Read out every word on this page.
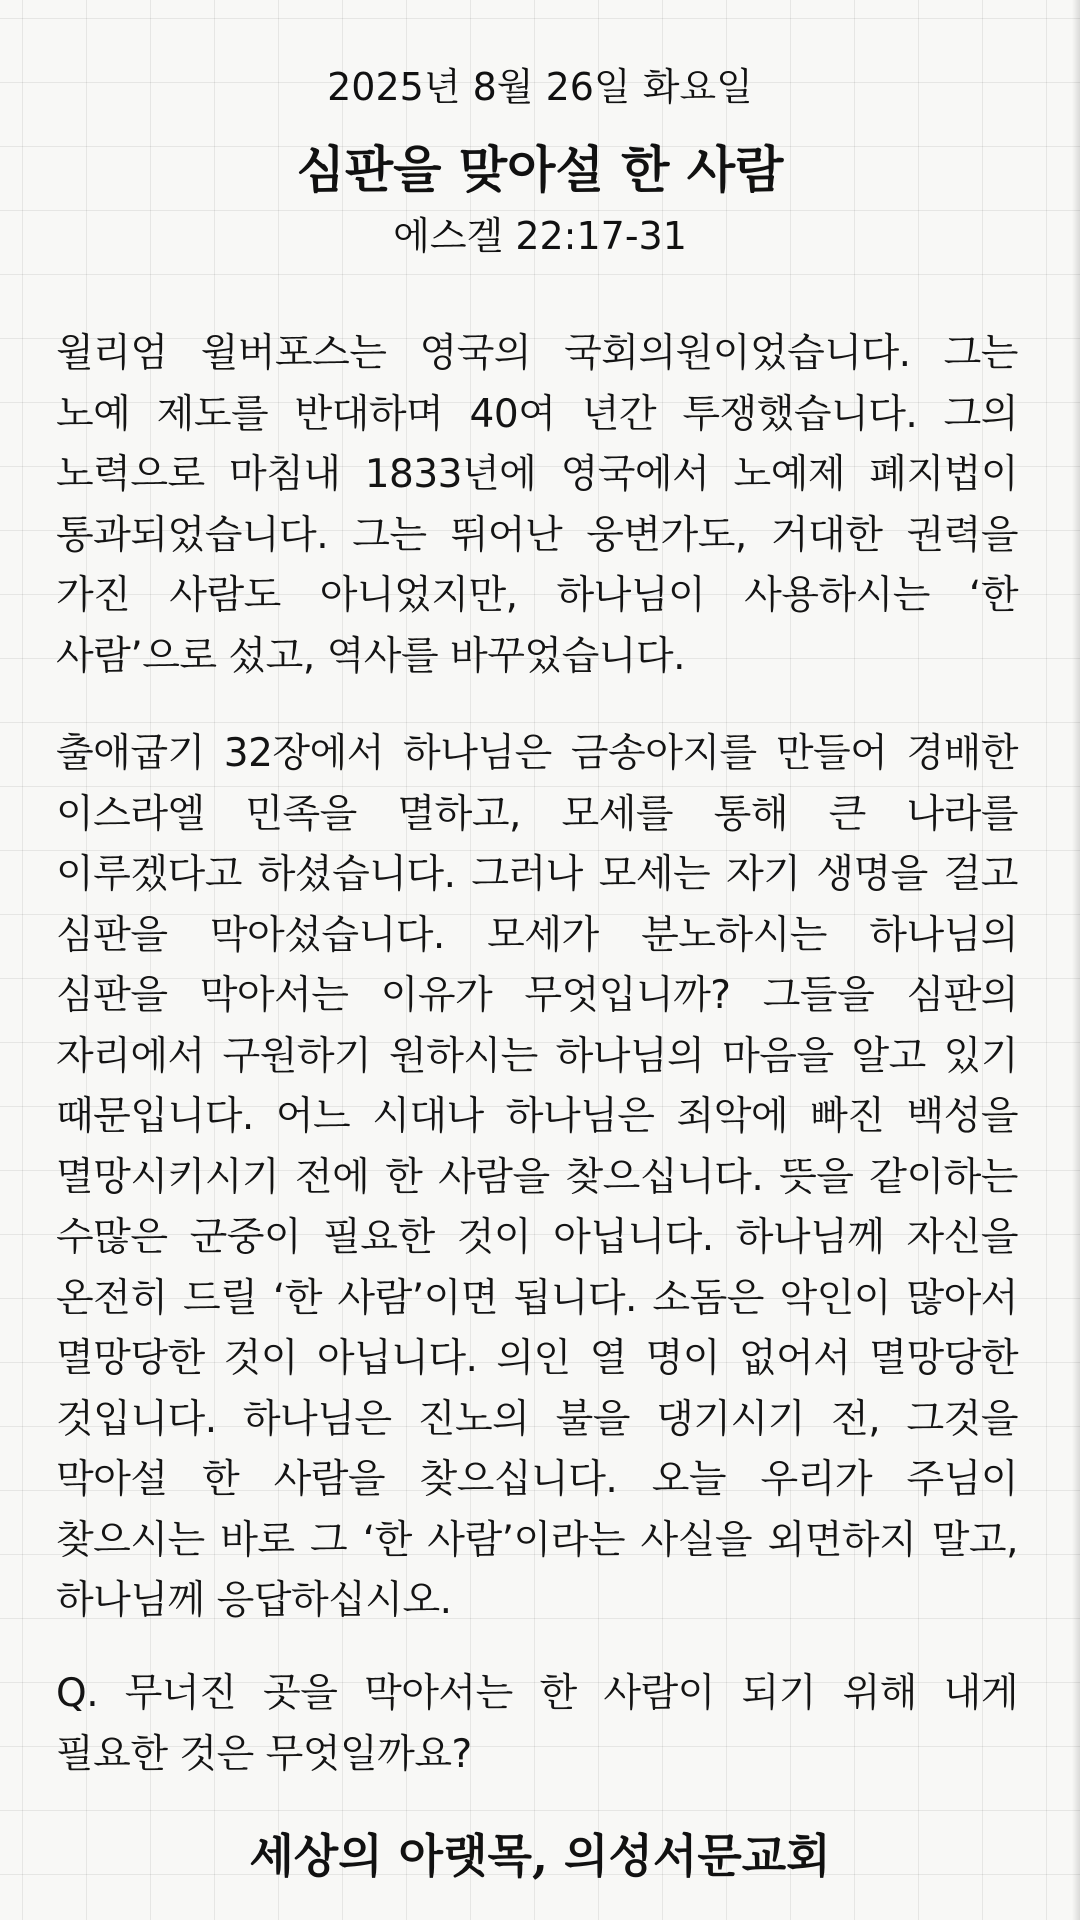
2025년 8월 26일 화요일
심판을 맞아설 한 사람
에스겔 22:17-31
윌리엄 윌버포스는 영국의 국회의원이었습니다. 그는 노예 제도를 반대하며 40여 년간 투쟁했습니다. 그의 노력으로 마침내 1833년에 영국에서 노예제 폐지법이 통과되었습니다. 그는 뛰어난 웅변가도, 거대한 권력을 가진 사람도 아니었지만, 하나님이 사용하시는 ‘한 사람’으로 섰고, 역사를 바꾸었습니다.
출애굽기 32장에서 하나님은 금송아지를 만들어 경배한 이스라엘 민족을 멸하고, 모세를 통해 큰 나라를 이루겠다고 하셨습니다. 그러나 모세는 자기 생명을 걸고 심판을 막아섰습니다. 모세가 분노하시는 하나님의 심판을 막아서는 이유가 무엇입니까? 그들을 심판의 자리에서 구원하기 원하시는 하나님의 마음을 알고 있기 때문입니다. 어느 시대나 하나님은 죄악에 빠진 백성을 멸망시키시기 전에 한 사람을 찾으십니다. 뜻을 같이하는 수많은 군중이 필요한 것이 아닙니다. 하나님께 자신을 온전히 드릴 ‘한 사람’이면 됩니다. 소돔은 악인이 많아서 멸망당한 것이 아닙니다. 의인 열 명이 없어서 멸망당한 것입니다. 하나님은 진노의 불을 댕기시기 전, 그것을 막아설 한 사람을 찾으십니다. 오늘 우리가 주님이 찾으시는 바로 그 ‘한 사람’이라는 사실을 외면하지 말고, 하나님께 응답하십시오.
Q. 무너진 곳을 막아서는 한 사람이 되기 위해 내게 필요한 것은 무엇일까요?
세상의 아랫목, 의성서문교회
